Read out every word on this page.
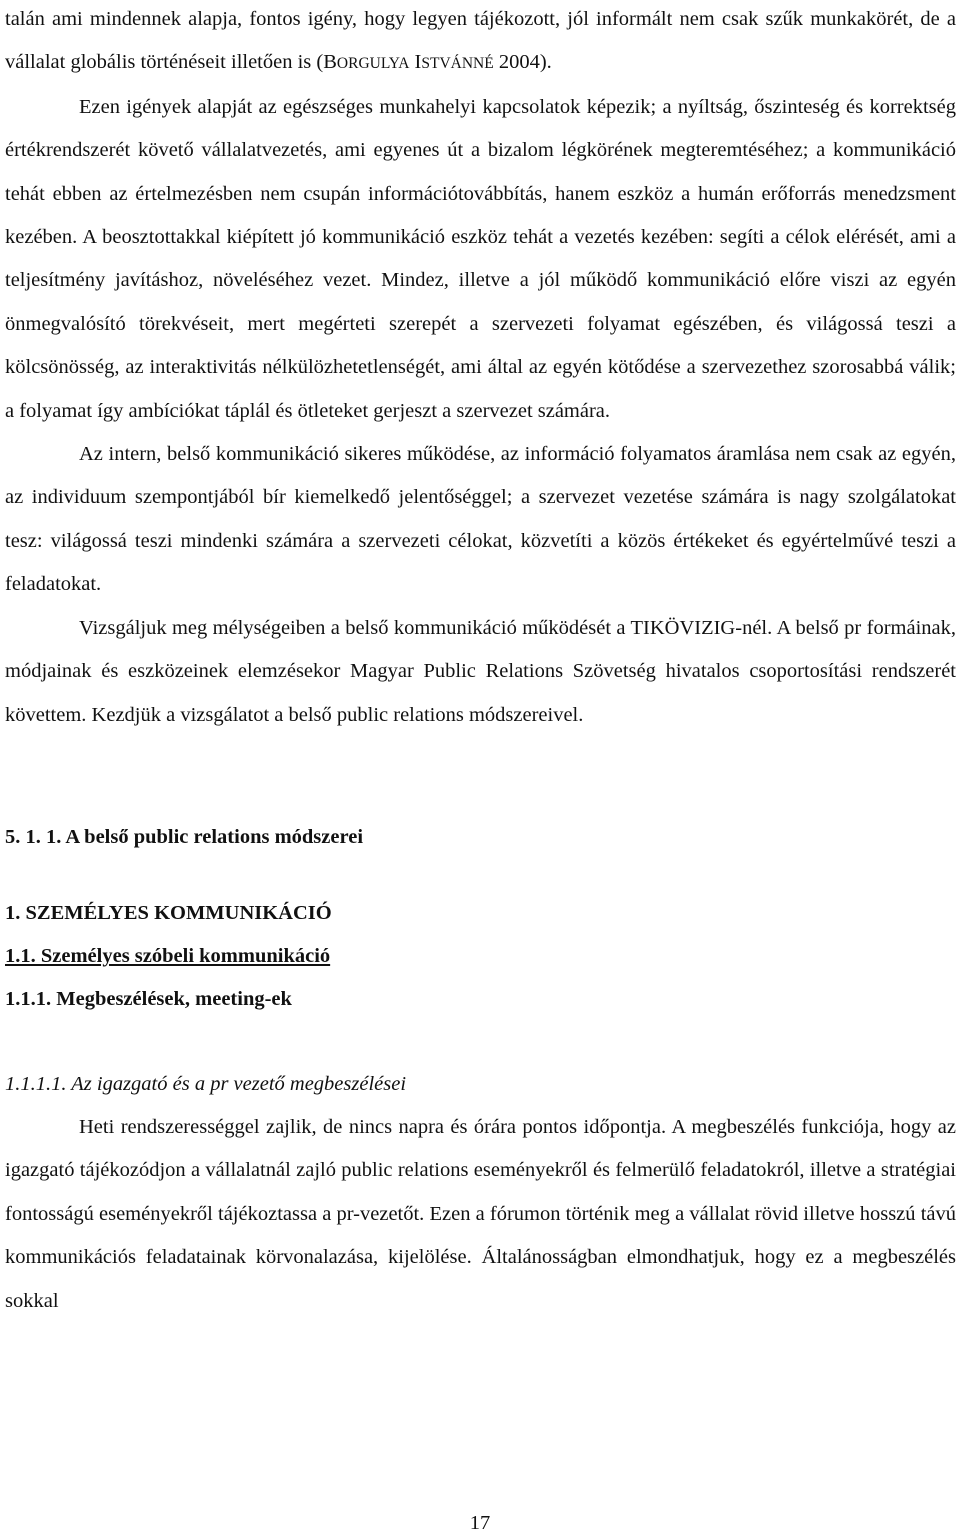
talán ami mindennek alapja, fontos igény, hogy legyen tájékozott, jól informált nem csak szűk munkakörét, de a vállalat globális történéseit illetően is (BORGULYA ISTVÁNNÉ 2004).

Ezen igények alapját az egészséges munkahelyi kapcsolatok képezik; a nyíltság, őszinteség és korrektség értékrendszerét követő vállalatvezetés, ami egyenes út a bizalom légkörének megteremtéséhez; a kommunikáció tehát ebben az értelmezésben nem csupán információtovábbítás, hanem eszköz a humán erőforrás menedzsment kezében. A beosztottakkal kiépített jó kommunikáció eszköz tehát a vezetés kezében: segíti a célok elérését, ami a teljesítmény javításhoz, növeléséhez vezet. Mindez, illetve a jól működő kommunikáció előre viszi az egyén önmegvalósító törekvéseit, mert megérteti szerepét a szervezeti folyamat egészében, és világossá teszi a kölcsönösség, az interaktivitás nélkülözhetetlenségét, ami által az egyén kötődése a szervezethez szorosabbá válik; a folyamat így ambíciókat táplál és ötleteket gerjeszt a szervezet számára.

Az intern, belső kommunikáció sikeres működése, az információ folyamatos áramlása nem csak az egyén, az individuum szempontjából bír kiemelkedő jelentőséggel; a szervezet vezetése számára is nagy szolgálatokat tesz: világossá teszi mindenki számára a szervezeti célokat, közvetíti a közös értékeket és egyértelművé teszi a feladatokat.

Vizsgáljuk meg mélységeiben a belső kommunikáció működését a TIKÖVIZIG-nél. A belső pr formáinak, módjainak és eszközeinek elemzésekor Magyar Public Relations Szövetség hivatalos csoportosítási rendszerét követtem. Kezdjük a vizsgálatot a belső public relations módszereivel.

5. 1. 1. A belső public relations módszerei

1. SZEMÉLYES KOMMUNIKÁCIÓ

1.1. Személyes szóbeli kommunikáció

1.1.1. Megbeszélések, meeting-ek

1.1.1.1. Az igazgató és a pr vezető megbeszélései

Heti rendszerességgel zajlik, de nincs napra és órára pontos időpontja. A megbeszélés funkciója, hogy az igazgató tájékozódjon a vállalatnál zajló public relations eseményekről és felmerülő feladatokról, illetve a stratégiai fontosságú eseményekről tájékoztassa a pr-vezetőt. Ezen a fórumon történik meg a vállalat rövid illetve hosszú távú kommunikációs feladatainak körvonalazása, kijelölése. Általánosságban elmondhatjuk, hogy ez a megbeszélés sokkal

17
